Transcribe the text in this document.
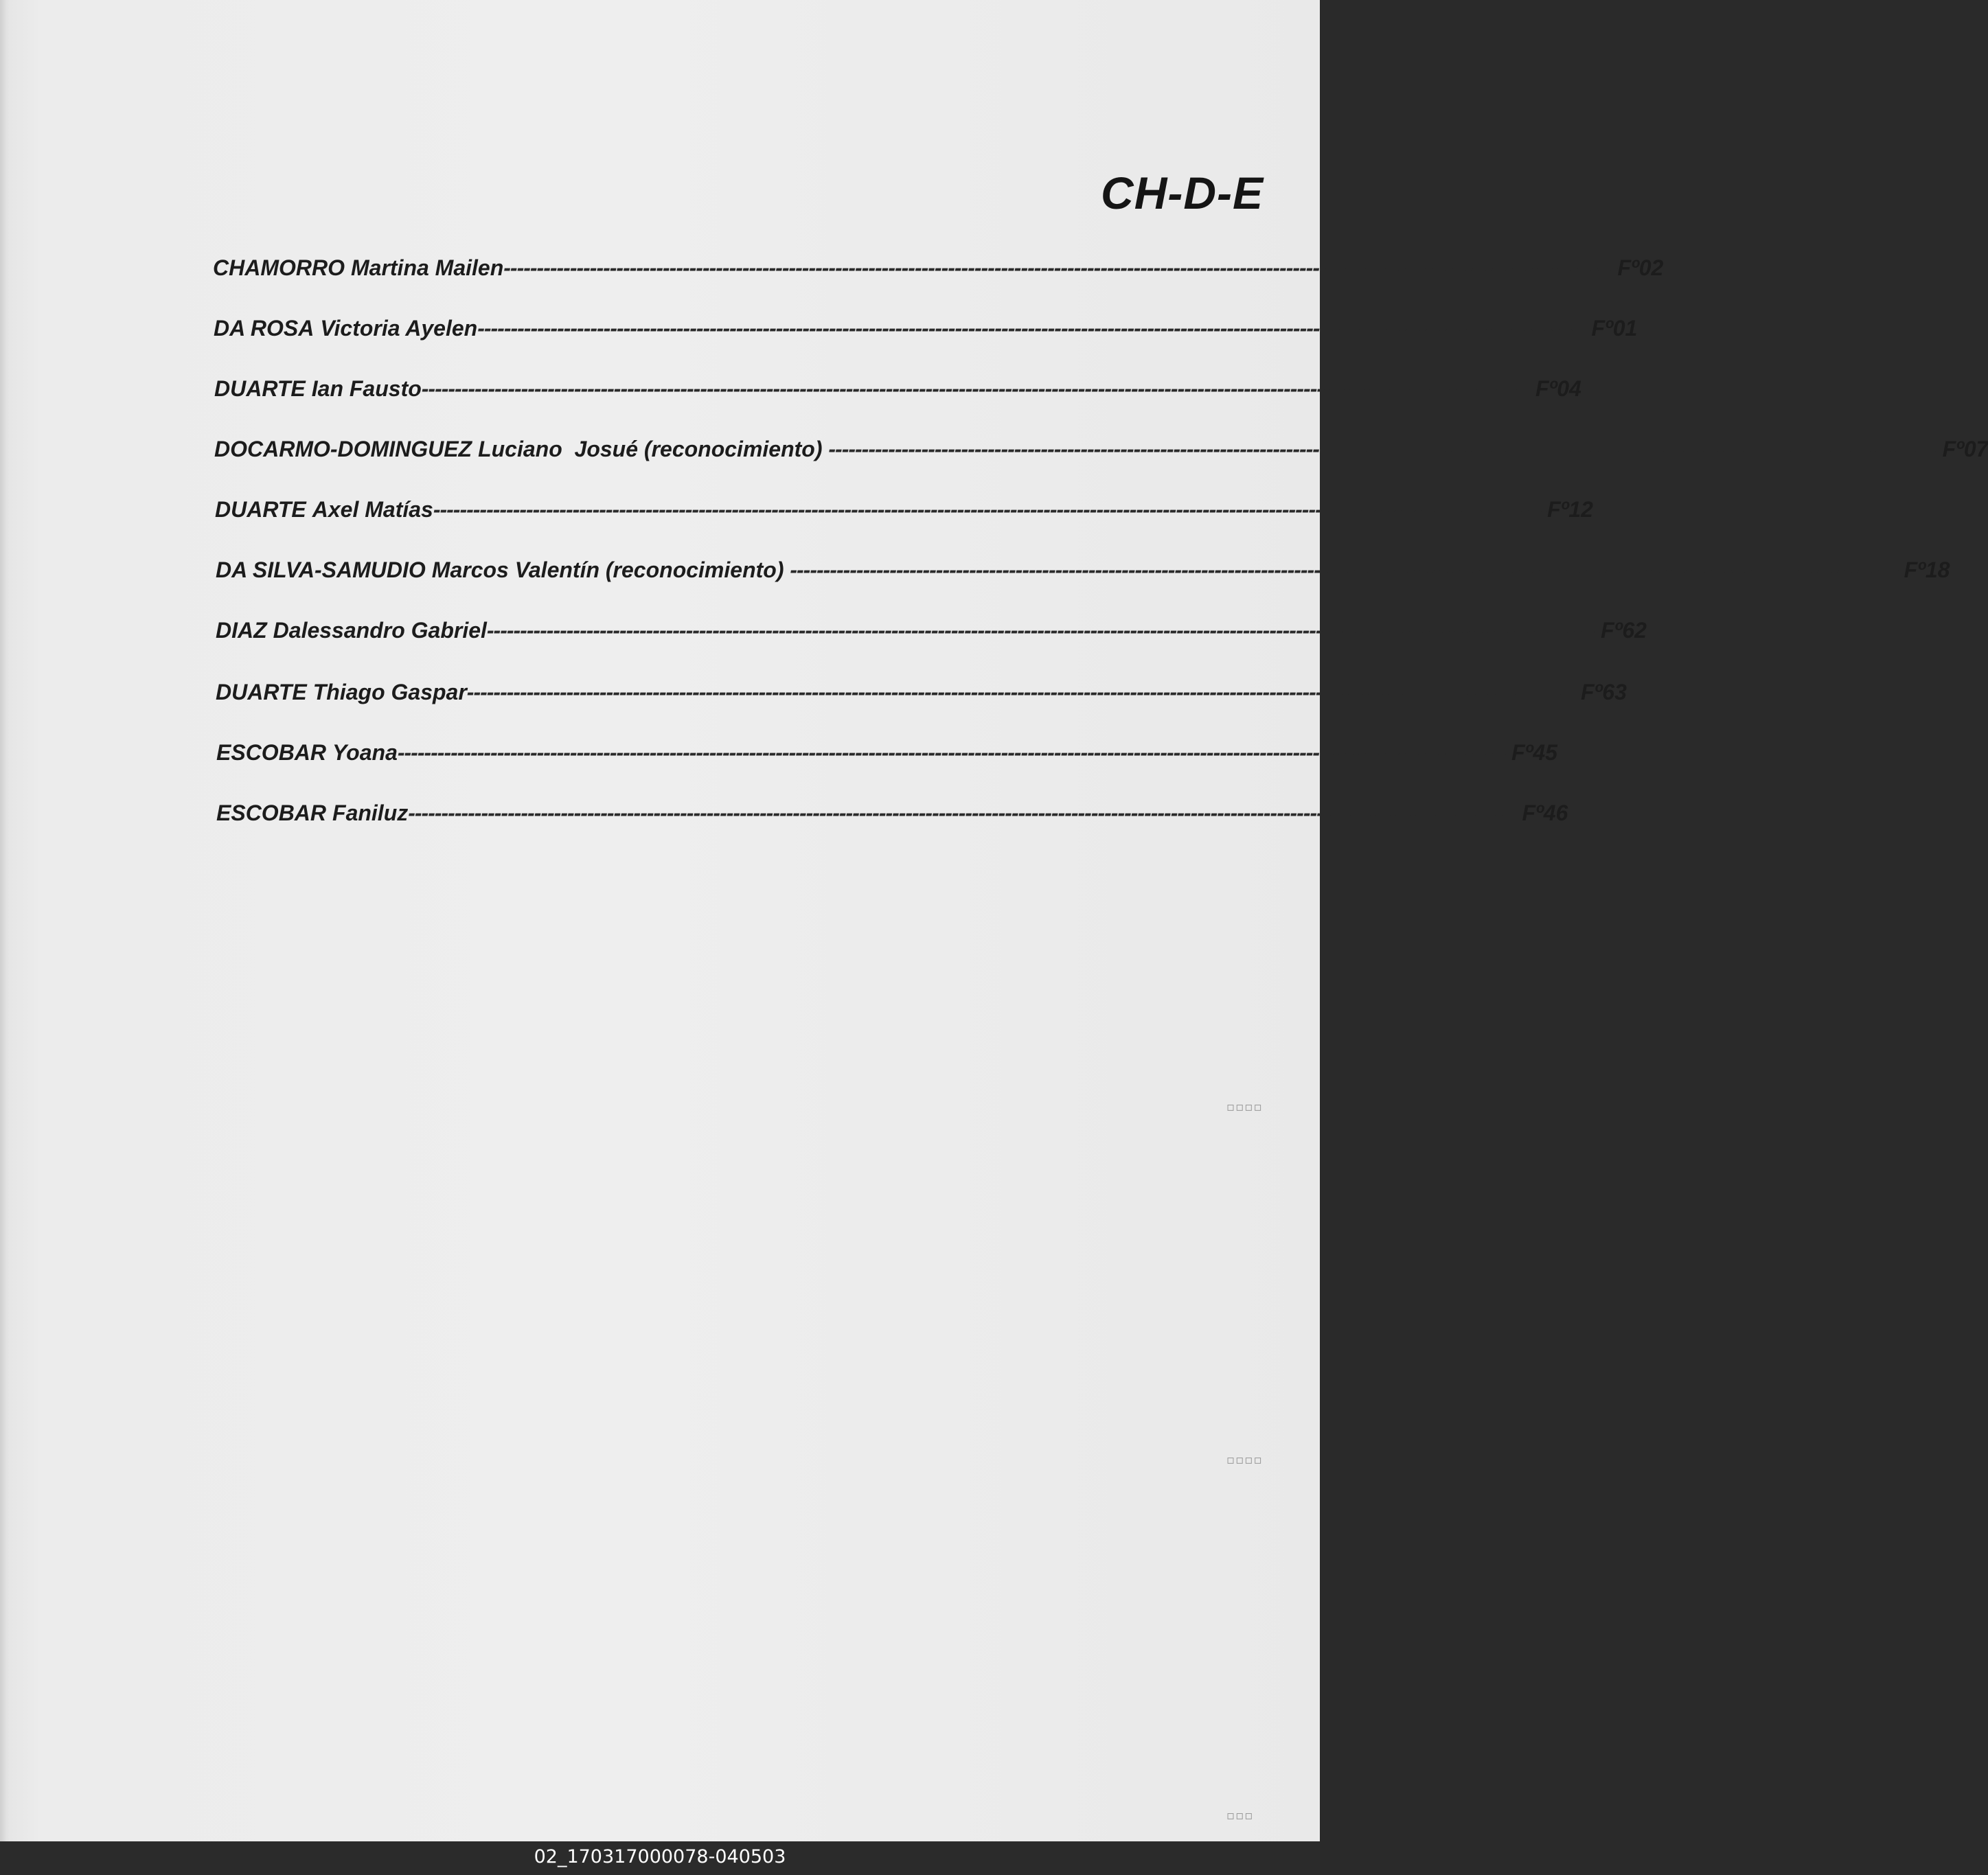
CH-D-E
CHAMORRO Martina Mailen ------------------------------------------------------------------------------------------------------------------------------------------------------------------------ Fº02
DA ROSA Victoria Ayelen ------------------------------------------------------------------------------------------------------------------------------------------------------------------------ Fº01
DUARTE Ian Fausto ------------------------------------------------------------------------------------------------------------------------------------------------------------------------ Fº04
DOCARMO-DOMINGUEZ Luciano  Josué (reconocimiento) ------------------------------------------------------------------------------------------------------------------------------------------------------------------------ Fº07
DUARTE Axel Matías ------------------------------------------------------------------------------------------------------------------------------------------------------------------------ Fº12
DA SILVA-SAMUDIO Marcos Valentín (reconocimiento) ------------------------------------------------------------------------------------------------------------------------------------------------------------------------ Fº18
DIAZ Dalessandro Gabriel ------------------------------------------------------------------------------------------------------------------------------------------------------------------------ Fº62
DUARTE Thiago Gaspar ------------------------------------------------------------------------------------------------------------------------------------------------------------------------ Fº63
ESCOBAR Yoana ------------------------------------------------------------------------------------------------------------------------------------------------------------------------ Fº45
ESCOBAR Faniluz ------------------------------------------------------------------------------------------------------------------------------------------------------------------------ Fº46
▫▫▫▫
▫▫▫▫
▫▫▫
02_170317000078-040503
